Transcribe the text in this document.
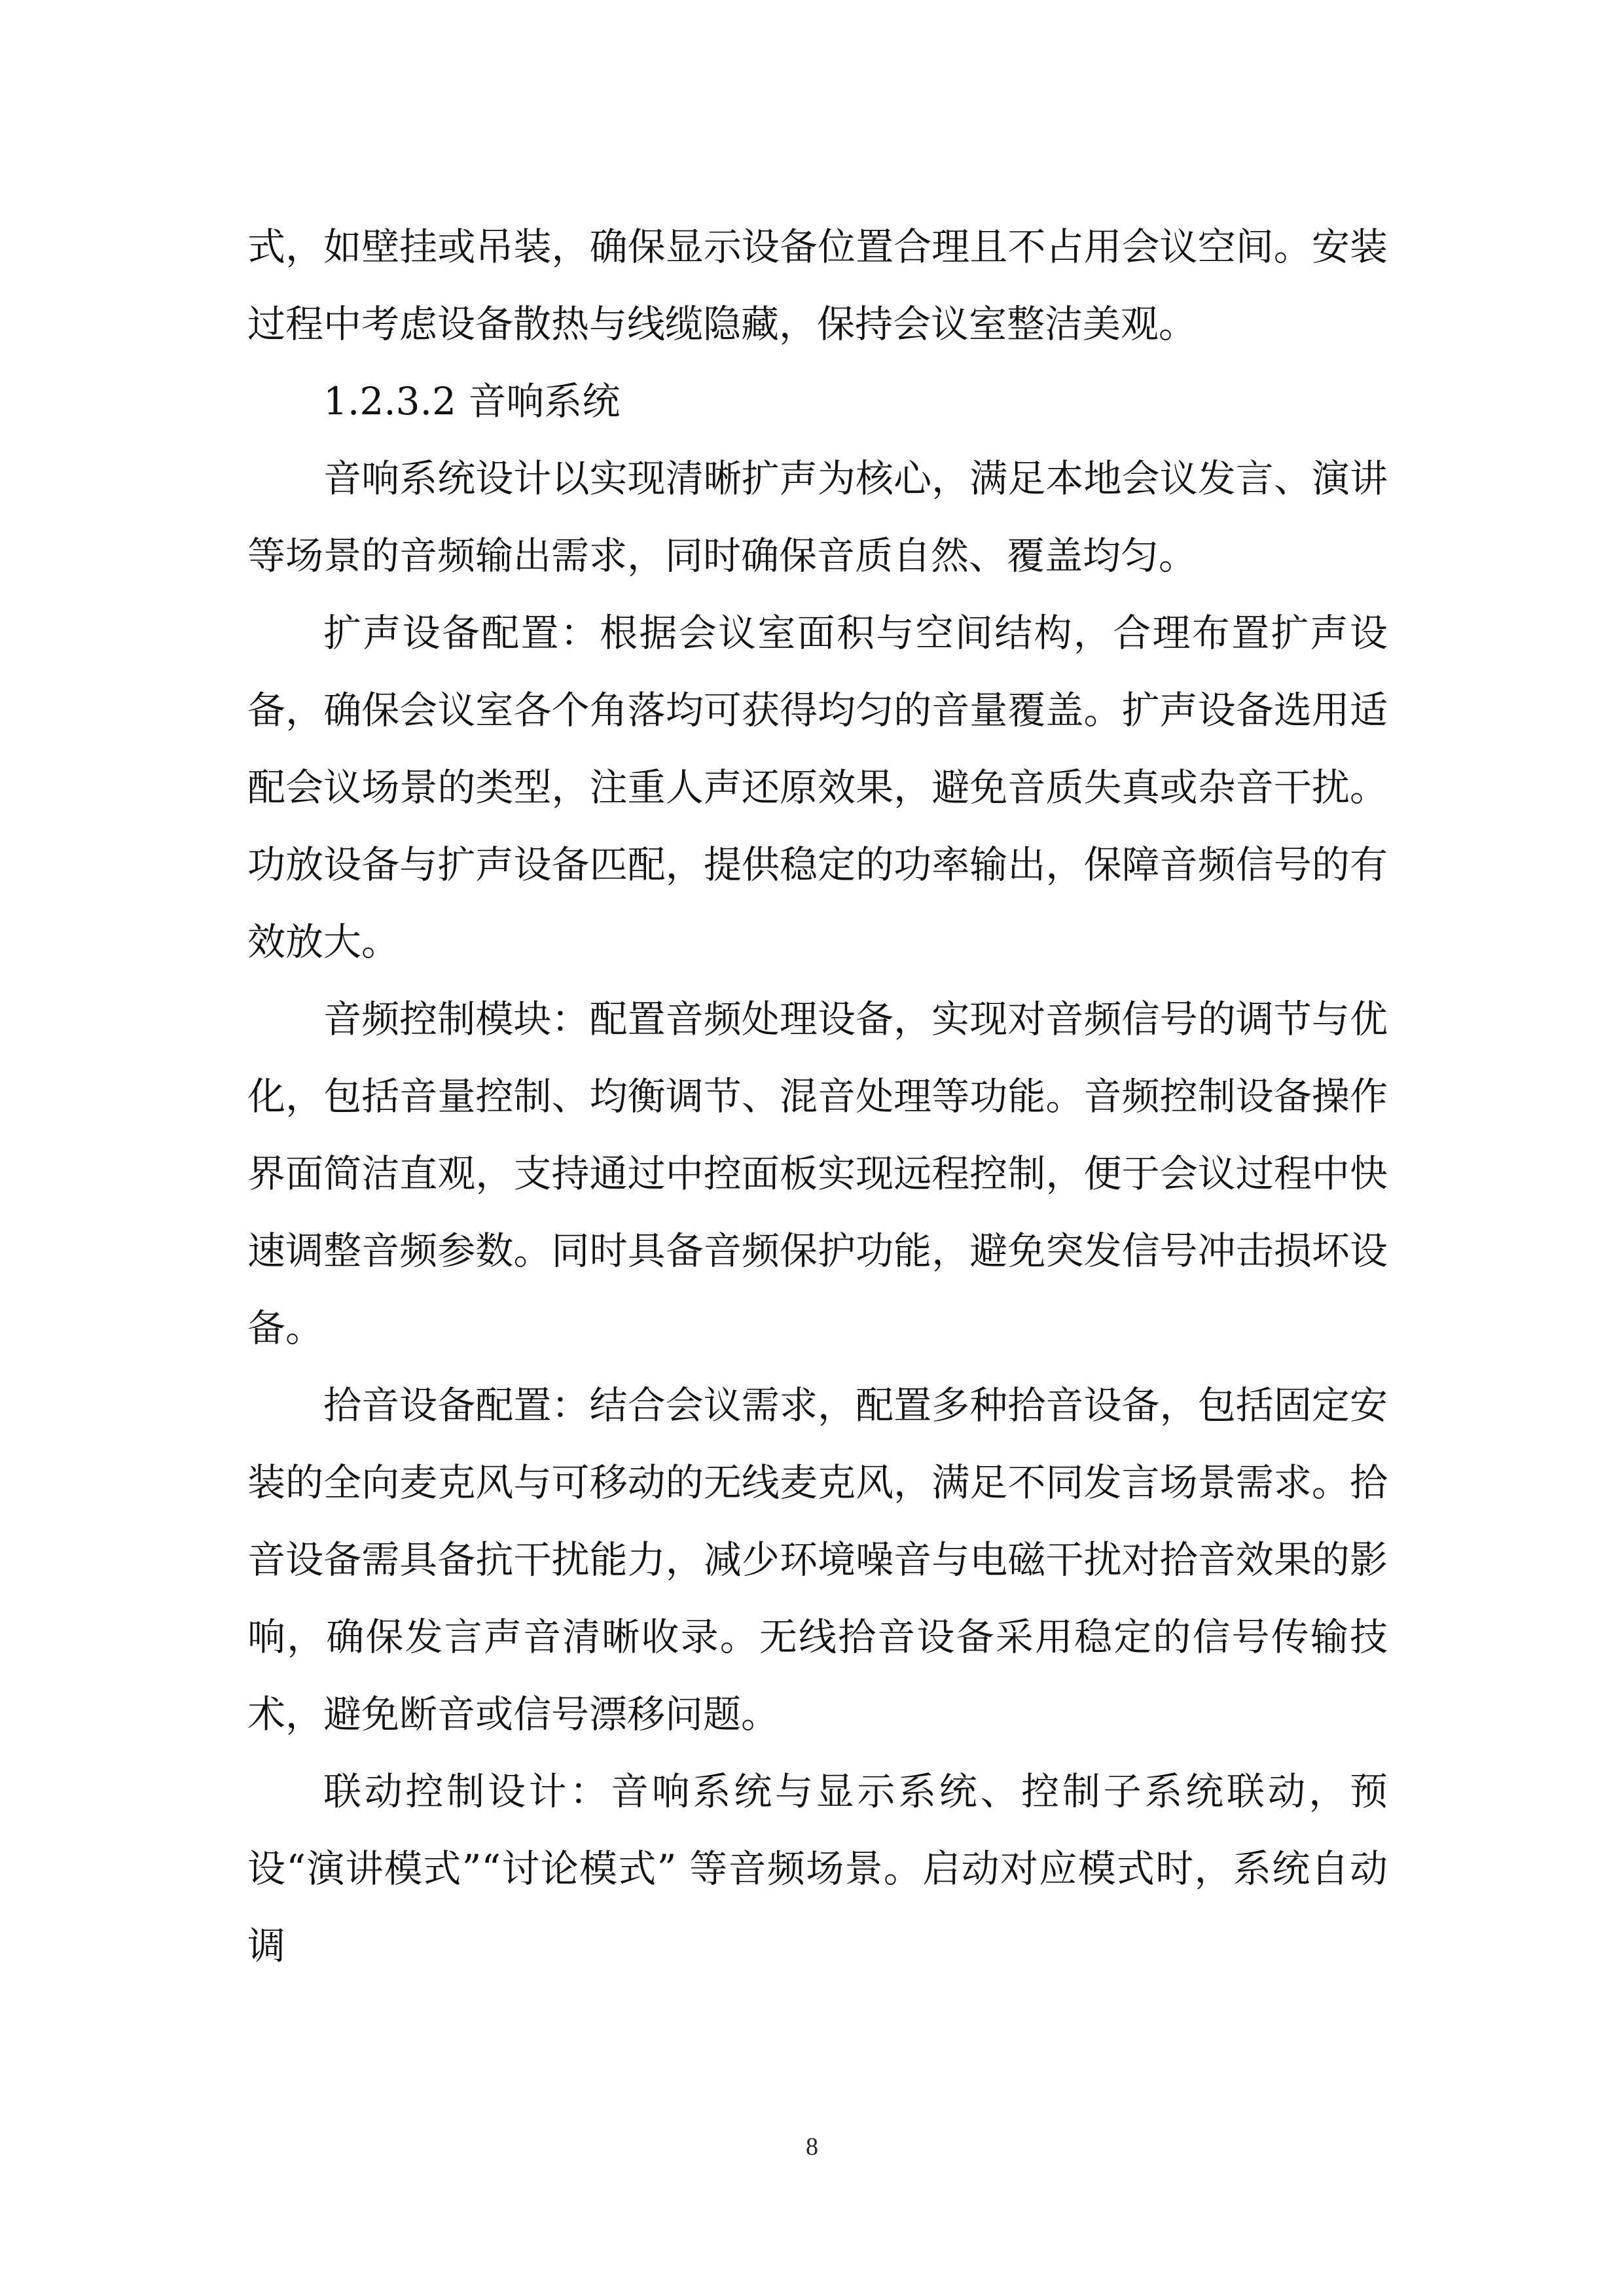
式，如壁挂或吊装，确保显示设备位置合理且不占用会议空间。安装过程中考虑设备散热与线缆隐藏，保持会议室整洁美观。

1.2.3.2 音响系统

音响系统设计以实现清晰扩声为核心，满足本地会议发言、演讲等场景的音频输出需求，同时确保音质自然、覆盖均匀。

扩声设备配置：根据会议室面积与空间结构，合理布置扩声设备，确保会议室各个角落均可获得均匀的音量覆盖。扩声设备选用适配会议场景的类型，注重人声还原效果，避免音质失真或杂音干扰。功放设备与扩声设备匹配，提供稳定的功率输出，保障音频信号的有效放大。

音频控制模块：配置音频处理设备，实现对音频信号的调节与优化，包括音量控制、均衡调节、混音处理等功能。音频控制设备操作界面简洁直观，支持通过中控面板实现远程控制，便于会议过程中快速调整音频参数。同时具备音频保护功能，避免突发信号冲击损坏设备。

拾音设备配置：结合会议需求，配置多种拾音设备，包括固定安装的全向麦克风与可移动的无线麦克风，满足不同发言场景需求。拾音设备需具备抗干扰能力，减少环境噪音与电磁干扰对拾音效果的影响，确保发言声音清晰收录。无线拾音设备采用稳定的信号传输技术，避免断音或信号漂移问题。

联动控制设计：音响系统与显示系统、控制子系统联动，预设“演讲模式”“讨论模式” 等音频场景。启动对应模式时，系统自动调

8
